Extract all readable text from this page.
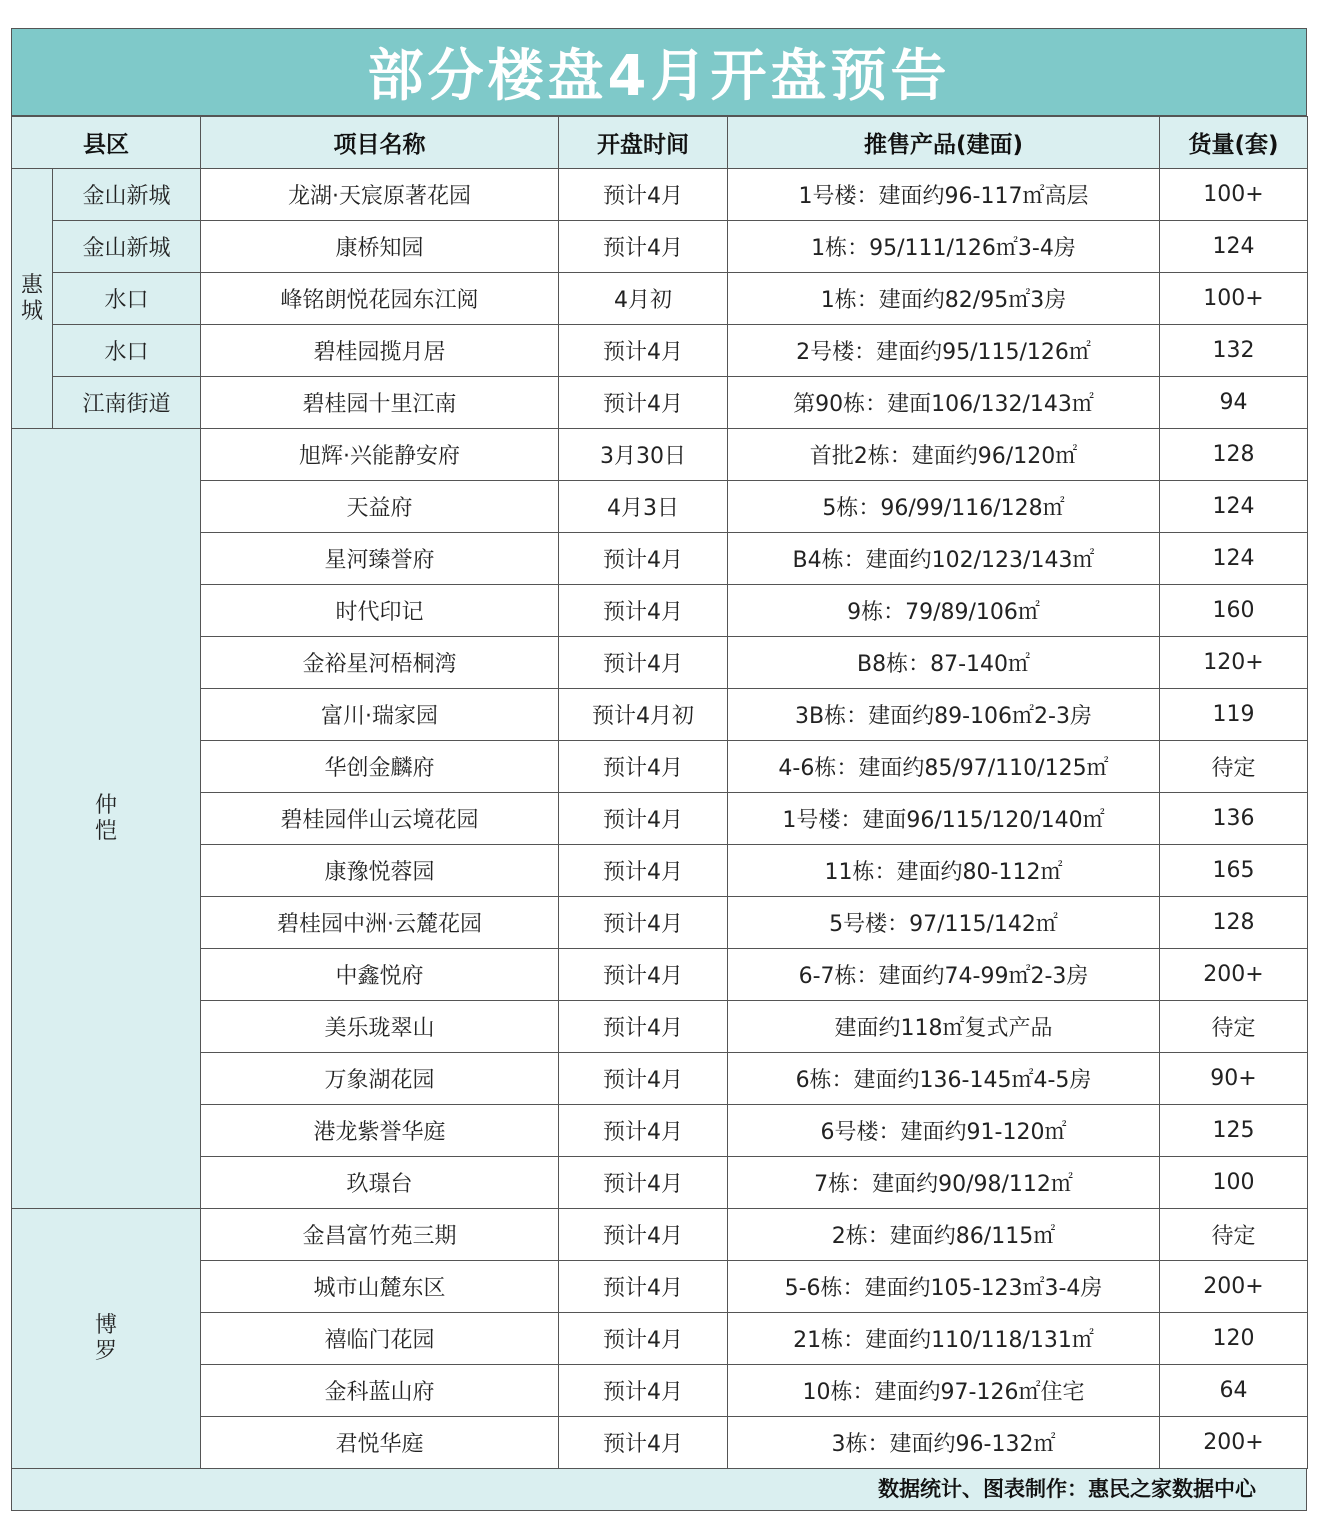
部分楼盘4月开盘预告
县区		项目名称	开盘时间	推售产品(建面)	货量(套)
惠城	金山新城	龙湖·天宸原著花园	预计4月	1号楼：建面约96-117㎡高层	100+
	金山新城	康桥知园	预计4月	1栋：95/111/126㎡3-4房	124
	水口	峰铭朗悦花园东江阅	4月初	1栋：建面约82/95㎡3房	100+
	水口	碧桂园揽月居	预计4月	2号楼：建面约95/115/126㎡	132
	江南街道	碧桂园十里江南	预计4月	第90栋：建面106/132/143㎡	94
仲恺		旭辉·兴能静安府	3月30日	首批2栋：建面约96/120㎡	128
		天益府	4月3日	5栋：96/99/116/128㎡	124
		星河臻誉府	预计4月	B4栋：建面约102/123/143㎡	124
		时代印记	预计4月	9栋：79/89/106㎡	160
		金裕星河梧桐湾	预计4月	B8栋：87-140㎡	120+
		富川·瑞家园	预计4月初	3B栋：建面约89-106㎡2-3房	119
		华创金麟府	预计4月	4-6栋：建面约85/97/110/125㎡	待定
		碧桂园伴山云境花园	预计4月	1号楼：建面96/115/120/140㎡	136
		康豫悦蓉园	预计4月	11栋：建面约80-112㎡	165
		碧桂园中洲·云麓花园	预计4月	5号楼：97/115/142㎡	128
		中鑫悦府	预计4月	6-7栋：建面约74-99㎡2-3房	200+
		美乐珑翠山	预计4月	建面约118㎡复式产品	待定
		万象湖花园	预计4月	6栋：建面约136-145㎡4-5房	90+
		港龙紫誉华庭	预计4月	6号楼：建面约91-120㎡	125
		玖璟台	预计4月	7栋：建面约90/98/112㎡	100
博罗		金昌富竹苑三期	预计4月	2栋：建面约86/115㎡	待定
		城市山麓东区	预计4月	5-6栋：建面约105-123㎡3-4房	200+
		禧临门花园	预计4月	21栋：建面约110/118/131㎡	120
		金科蓝山府	预计4月	10栋：建面约97-126㎡住宅	64
		君悦华庭	预计4月	3栋：建面约96-132㎡	200+
数据统计、图表制作：惠民之家数据中心
